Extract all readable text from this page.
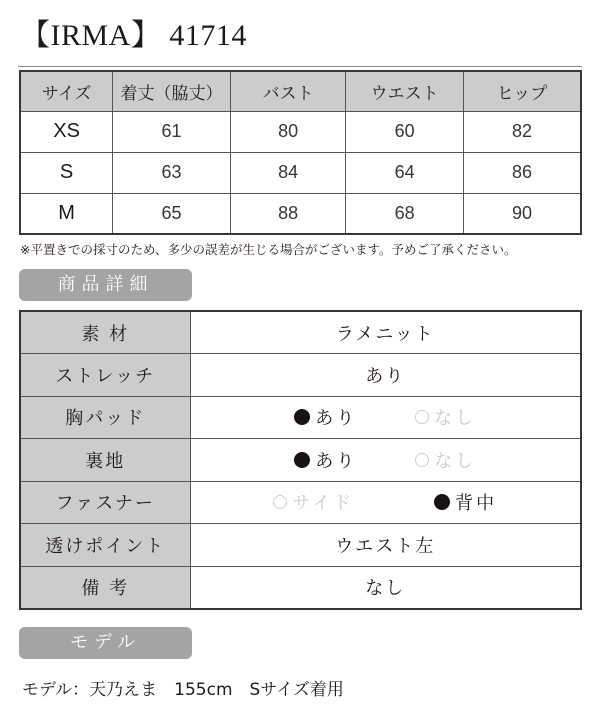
【IRMA】 41714
サイズ	着丈（脇丈）	バスト	ウエスト	ヒップ
XS	61	80	60	82
S	63	84	64	86
M	65	88	68	90
※平置きでの採寸のため、多少の誤差が生じる場合がございます。予めご了承ください。
商品詳細
素 材	ラメニット
ストレッチ	あり
胸パッド	あり なし

裏地	あり なし

ファスナー	サイド 背中

透けポイント	ウエスト左
備 考	なし
モデル
モデル：天乃えま　155cm　Sサイズ着用
